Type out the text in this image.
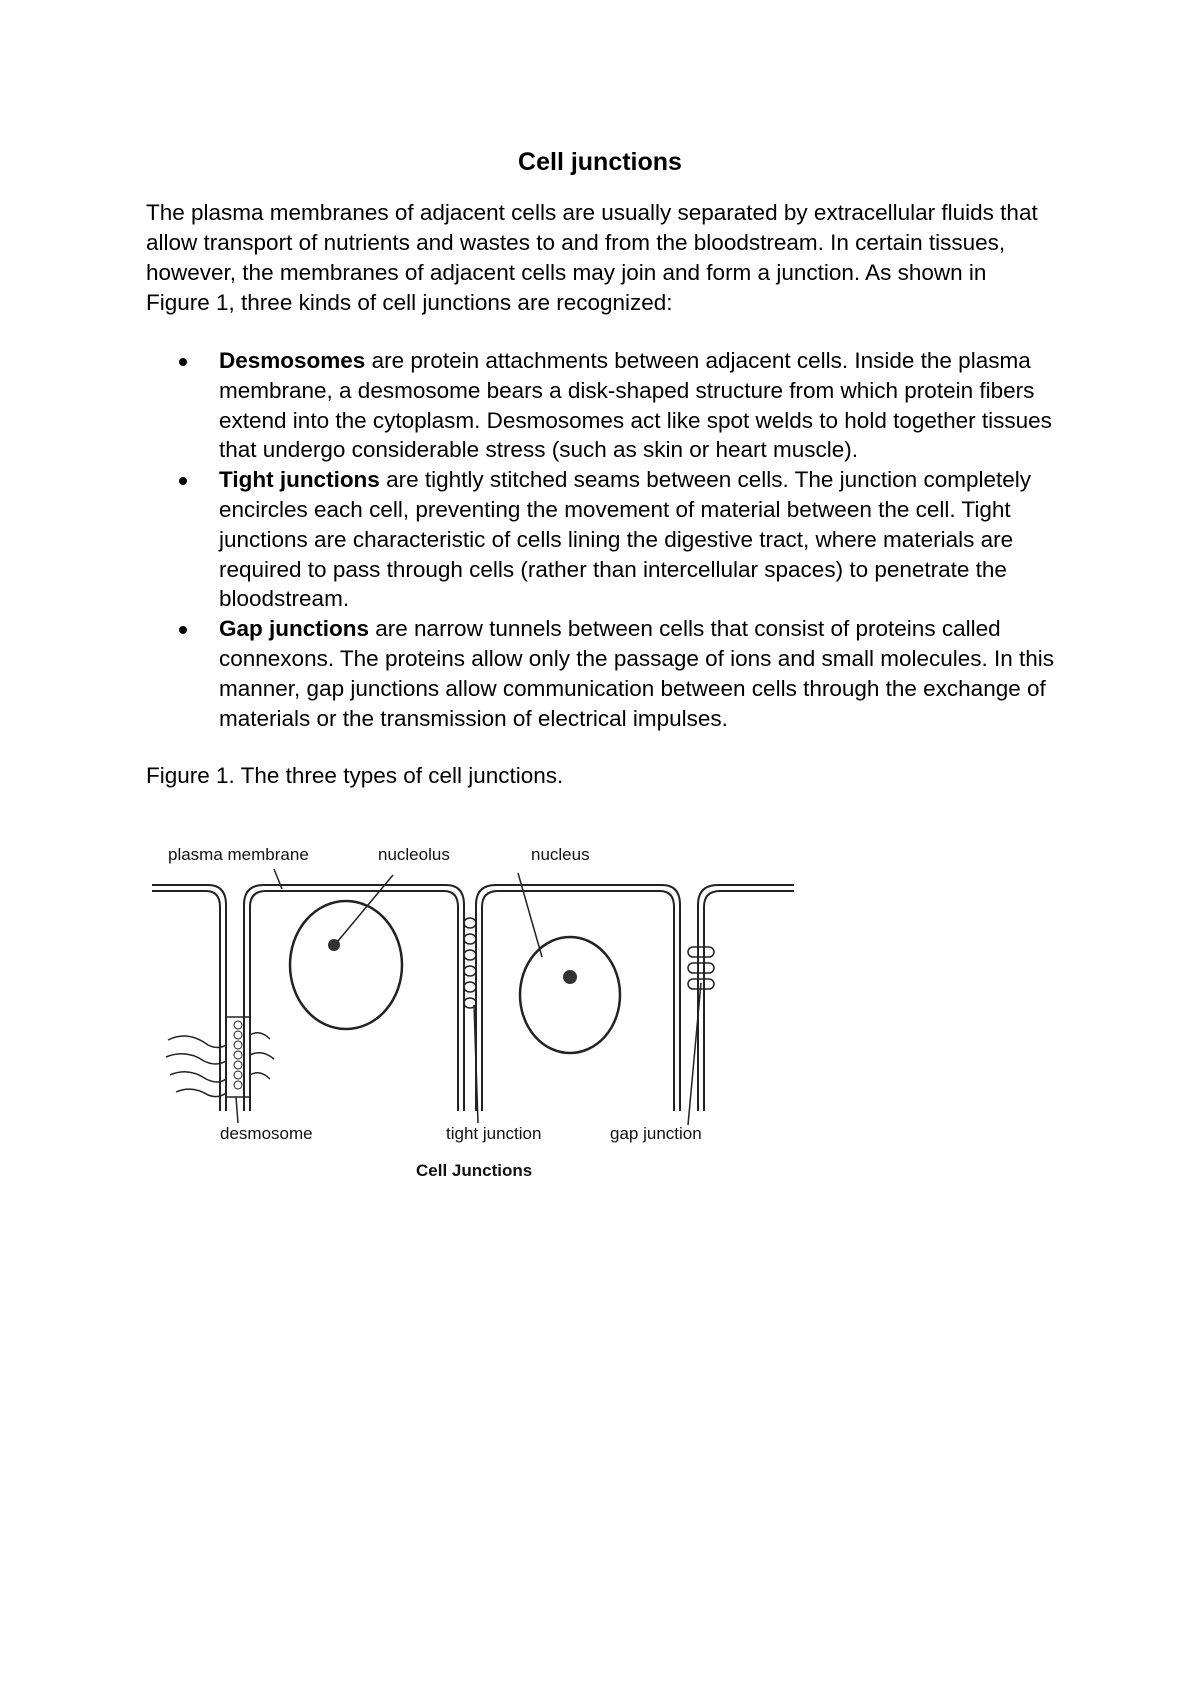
Cell junctions

The plasma membranes of adjacent cells are usually separated by extracellular fluids that allow transport of nutrients and wastes to and from the bloodstream. In certain tissues, however, the membranes of adjacent cells may join and form a junction. As shown in Figure 1, three kinds of cell junctions are recognized:

Desmosomes are protein attachments between adjacent cells. Inside the plasma membrane, a desmosome bears a disk-shaped structure from which protein fibers extend into the cytoplasm. Desmosomes act like spot welds to hold together tissues that undergo considerable stress (such as skin or heart muscle).
Tight junctions are tightly stitched seams between cells. The junction completely encircles each cell, preventing the movement of material between the cell. Tight junctions are characteristic of cells lining the digestive tract, where materials are required to pass through cells (rather than intercellular spaces) to penetrate the bloodstream.
Gap junctions are narrow tunnels between cells that consist of proteins called connexons. The proteins allow only the passage of ions and small molecules. In this manner, gap junctions allow communication between cells through the exchange of materials or the transmission of electrical impulses.
Figure 1. The three types of cell junctions.
plasma membrane	nucleolus	nucleus
desmosome	tight junction	gap junction
Cell Junctions
